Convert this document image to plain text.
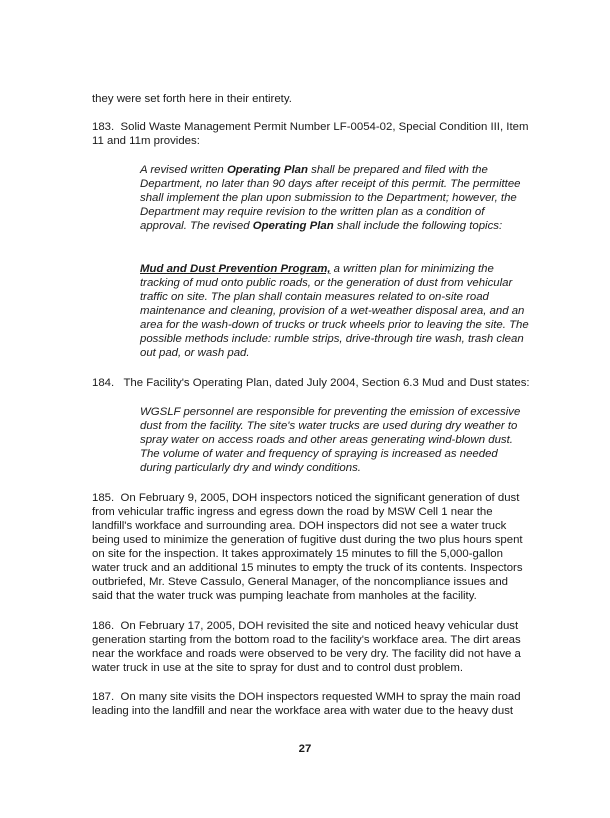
they were set forth here in their entirety.

183. Solid Waste Management Permit Number LF-0054-02, Special Condition III, Item 11 and 11m provides:

A revised written Operating Plan shall be prepared and filed with the Department, no later than 90 days after receipt of this permit. The permittee shall implement the plan upon submission to the Department; however, the Department may require revision to the written plan as a condition of approval. The revised Operating Plan shall include the following topics:

Mud and Dust Prevention Program, a written plan for minimizing the tracking of mud onto public roads, or the generation of dust from vehicular traffic on site. The plan shall contain measures related to on-site road maintenance and cleaning, provision of a wet-weather disposal area, and an area for the wash-down of trucks or truck wheels prior to leaving the site. The possible methods include: rumble strips, drive-through tire wash, trash clean out pad, or wash pad.

184. The Facility's Operating Plan, dated July 2004, Section 6.3 Mud and Dust states:

WGSLF personnel are responsible for preventing the emission of excessive dust from the facility. The site's water trucks are used during dry weather to spray water on access roads and other areas generating wind-blown dust. The volume of water and frequency of spraying is increased as needed during particularly dry and windy conditions.

185. On February 9, 2005, DOH inspectors noticed the significant generation of dust from vehicular traffic ingress and egress down the road by MSW Cell 1 near the landfill's workface and surrounding area. DOH inspectors did not see a water truck being used to minimize the generation of fugitive dust during the two plus hours spent on site for the inspection. It takes approximately 15 minutes to fill the 5,000-gallon water truck and an additional 15 minutes to empty the truck of its contents. Inspectors outbriefed, Mr. Steve Cassulo, General Manager, of the noncompliance issues and said that the water truck was pumping leachate from manholes at the facility.

186. On February 17, 2005, DOH revisited the site and noticed heavy vehicular dust generation starting from the bottom road to the facility's workface area. The dirt areas near the workface and roads were observed to be very dry. The facility did not have a water truck in use at the site to spray for dust and to control dust problem.

187. On many site visits the DOH inspectors requested WMH to spray the main road leading into the landfill and near the workface area with water due to the heavy dust

27
